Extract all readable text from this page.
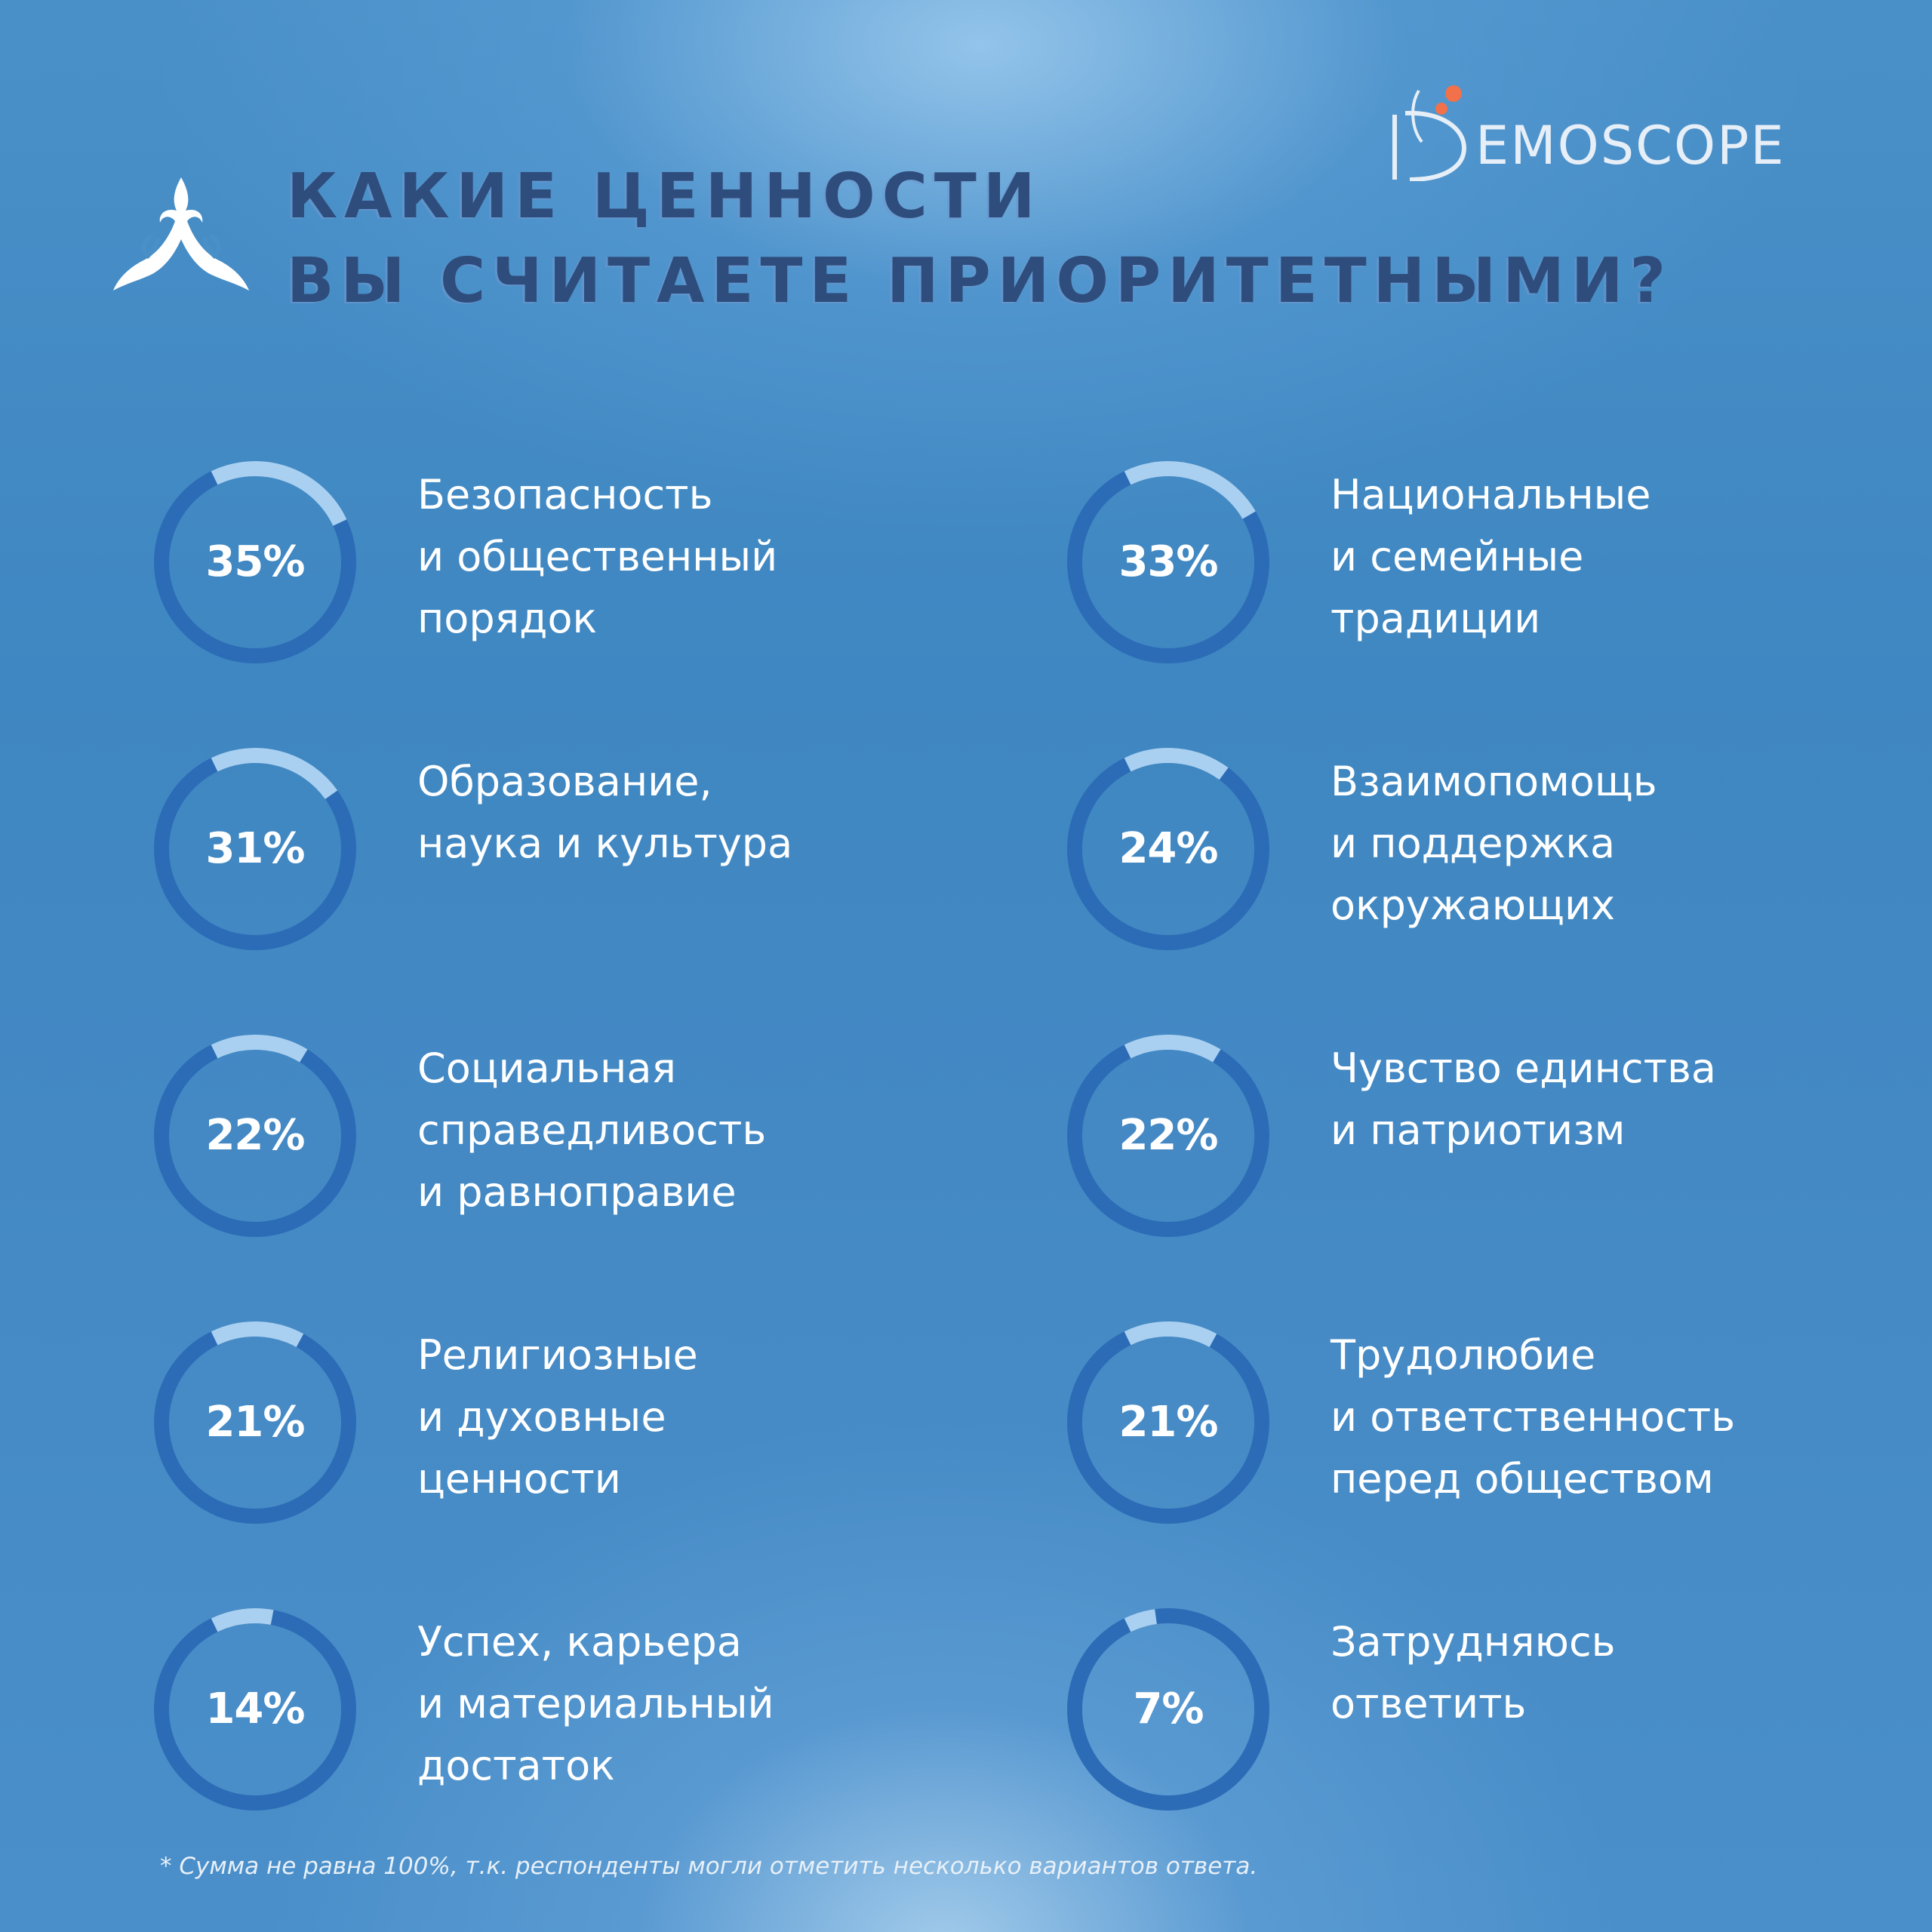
КАКИЕ ЦЕННОСТИ
ВЫ СЧИТАЕТЕ ПРИОРИТЕТНЫМИ?
EMOSCOPE
35%
Безопасность
и общественный
порядок
33%
Национальные
и семейные
традиции
31%
Образование,
наука и культура	24%
Взаимопомощь
и поддержка
окружающих
22%
Социальная
справедливость
и равноправие
22%
Чувство единства
и патриотизм
21%
Религиозные
и духовные
ценности
21%
Трудолюбие
и ответственность
перед обществом
14%
Успех, карьера
и материальный
достаток
7%
Затрудняюсь
ответить
* Сумма не равна 100%, т.к. респонденты могли отметить несколько вариантов ответа.
